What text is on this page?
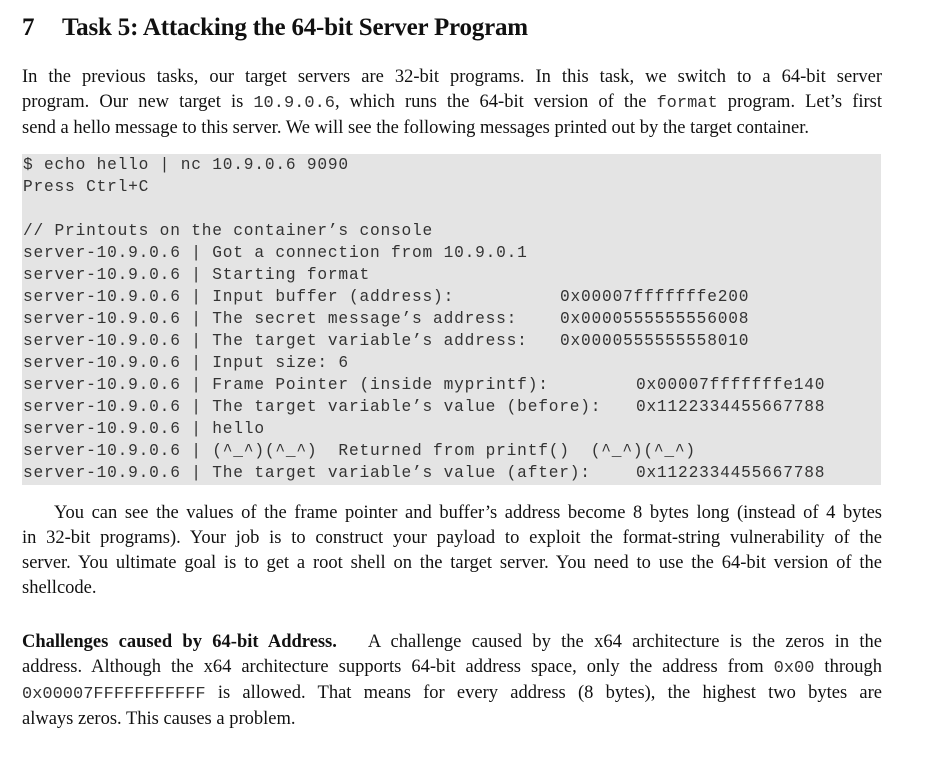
7 Task 5: Attacking the 64-bit Server Program
In the previous tasks, our target servers are 32-bit programs. In this task, we switch to a 64-bit server
program. Our new target is 10.9.0.6, which runs the 64-bit version of the format program. Let’s first
send a hello message to this server. We will see the following messages printed out by the target container.
$ echo hello | nc 10.9.0.6 9090
Press Ctrl+C
// Printouts on the container’s console
server-10.9.0.6 | Got a connection from 10.9.0.1
server-10.9.0.6 | Starting format
server-10.9.0.6 | Input buffer (address):	0x00007fffffffe200
server-10.9.0.6 | The secret message’s address:	0x0000555555556008
server-10.9.0.6 | The target variable’s address: 0x0000555555558010
server-10.9.0.6 | Input size: 6
server-10.9.0.6 | Frame Pointer (inside myprintf):	0x00007fffffffe140
server-10.9.0.6 | The target variable’s value (before): 0x1122334455667788
server-10.9.0.6 | hello
server-10.9.0.6 | (^_^)(^_^)  Returned from printf()  (^_^)(^_^)
server-10.9.0.6 | The target variable’s value (after):	0x1122334455667788
You can see the values of the frame pointer and buffer’s address become 8 bytes long (instead of 4 bytes
in 32-bit programs). Your job is to construct your payload to exploit the format-string vulnerability of the
server. You ultimate goal is to get a root shell on the target server. You need to use the 64-bit version of the
shellcode.
Challenges caused by 64-bit Address. A challenge caused by the x64 architecture is the zeros in the
address. Although the x64 architecture supports 64-bit address space, only the address from 0x00 through
0x00007FFFFFFFFFFF is allowed. That means for every address (8 bytes), the highest two bytes are
always zeros. This causes a problem.
